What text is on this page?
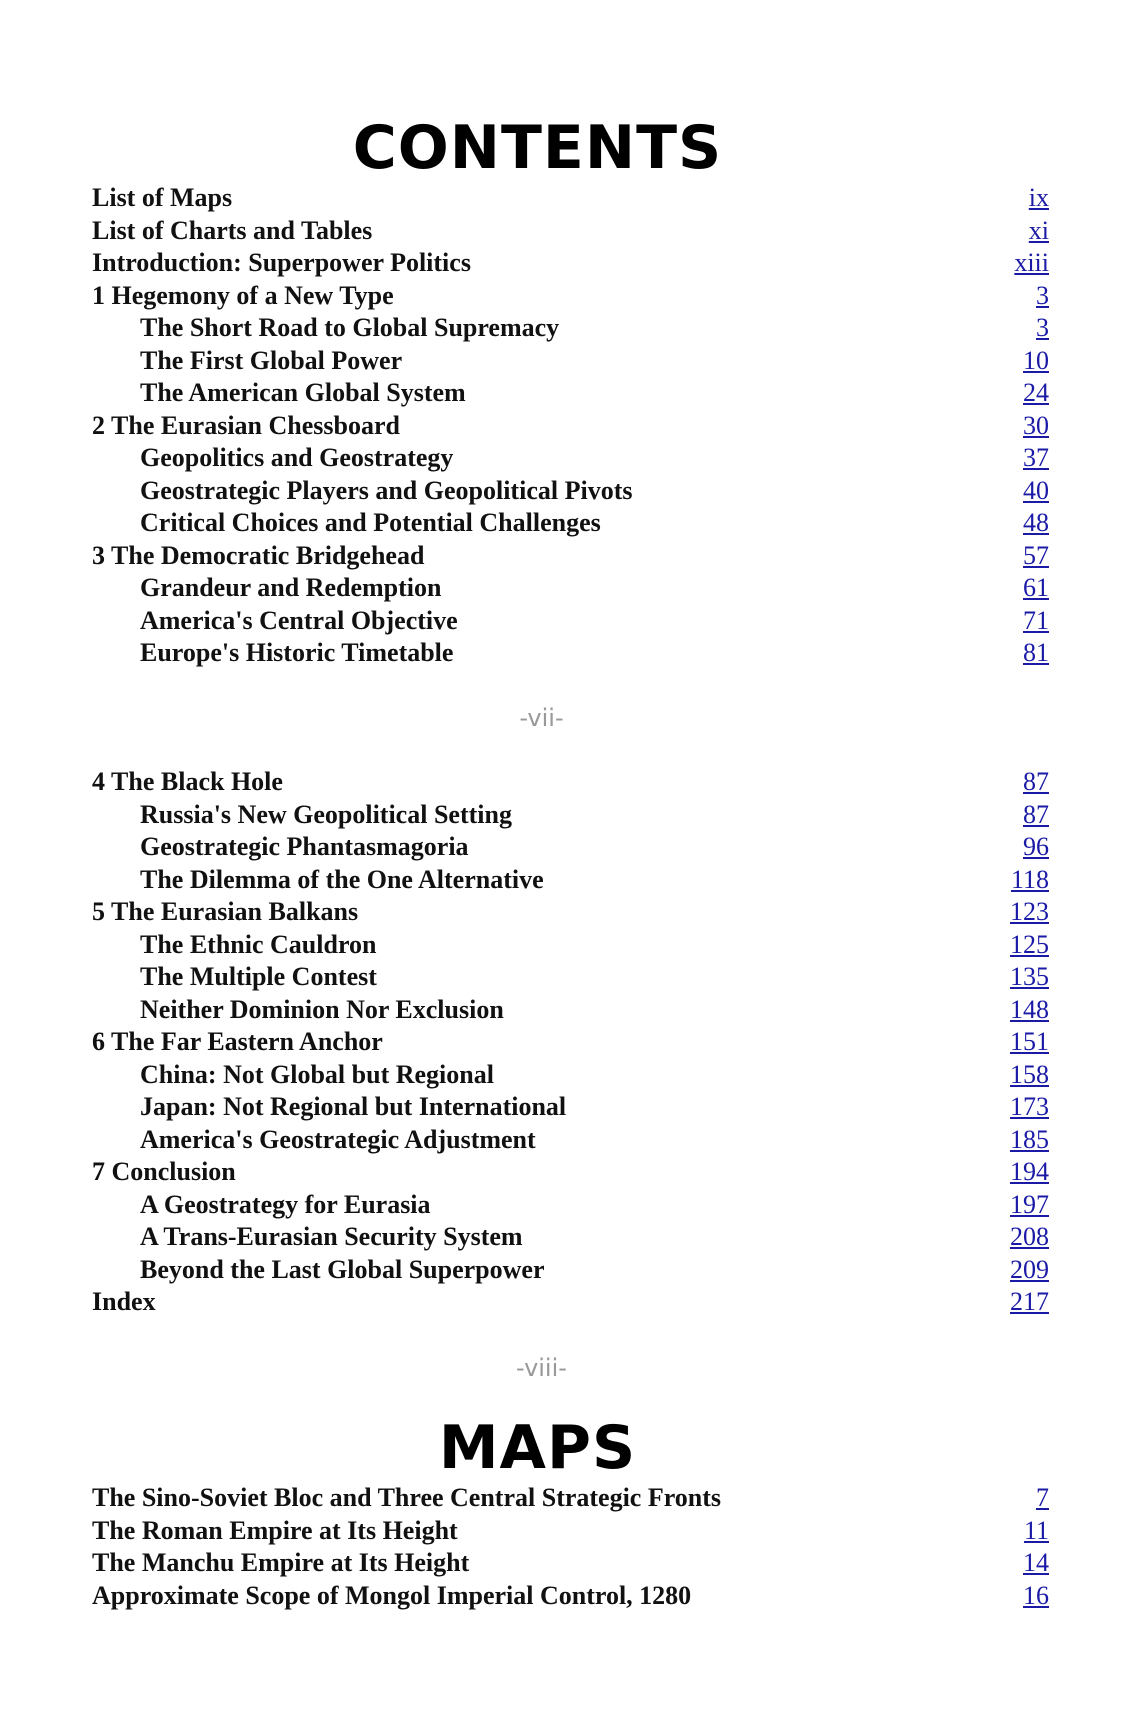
CONTENTS
List of Maps	ix
List of Charts and Tables	xi
Introduction: Superpower Politics	xiii
1 Hegemony of a New Type	3
The Short Road to Global Supremacy	3
The First Global Power	10
The American Global System	24
2 The Eurasian Chessboard	30
Geopolitics and Geostrategy	37
Geostrategic Players and Geopolitical Pivots	40
Critical Choices and Potential Challenges	48
3 The Democratic Bridgehead	57
Grandeur and Redemption	61
America's Central Objective	71
Europe's Historic Timetable	81
-vii-
4 The Black Hole	87
Russia's New Geopolitical Setting	87
Geostrategic Phantasmagoria	96
The Dilemma of the One Alternative	118
5 The Eurasian Balkans	123
The Ethnic Cauldron	125
The Multiple Contest	135
Neither Dominion Nor Exclusion	148
6 The Far Eastern Anchor	151
China: Not Global but Regional	158
Japan: Not Regional but International	173
America's Geostrategic Adjustment	185
7 Conclusion	194
A Geostrategy for Eurasia	197
A Trans-Eurasian Security System	208
Beyond the Last Global Superpower	209
Index	217
-viii-
MAPS
The Sino-Soviet Bloc and Three Central Strategic Fronts	7
The Roman Empire at Its Height	11
The Manchu Empire at Its Height	14
Approximate Scope of Mongol Imperial Control, 1280	16
